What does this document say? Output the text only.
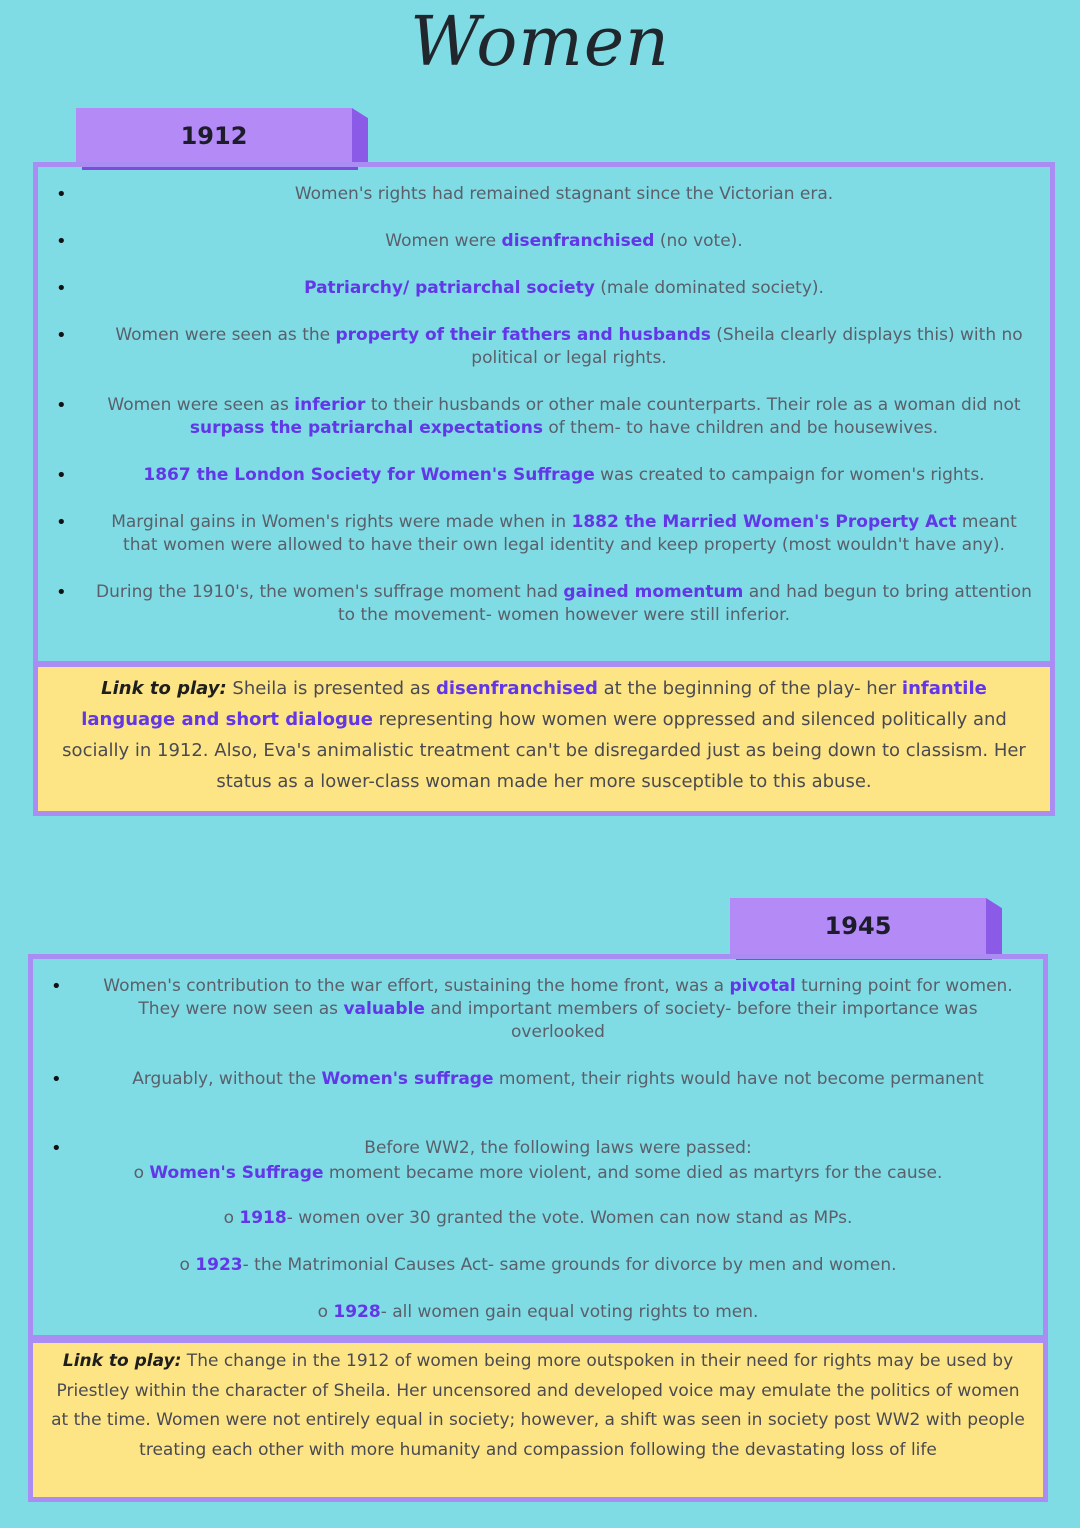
Women
1912
•	Women's rights had remained stagnant since the Victorian era.
•	Women were disenfranchised (no vote).
•	Patriarchy/ patriarchal society (male dominated society).
•	Women were seen as the property of their fathers and husbands (Sheila clearly displays this) with no political or legal rights.
• Women were seen as inferior to their husbands or other male counterparts. Their role as a woman did not surpass the patriarchal expectations of them- to have children and be housewives.
•	1867 the London Society for Women's Suffrage was created to campaign for women's rights.
•	Marginal gains in Women's rights were made when in 1882 the Married Women's Property Act meant that women were allowed to have their own legal identity and keep property (most wouldn't have any).
• During the 1910's, the women's suffrage moment had gained momentum and had begun to bring attention to the movement- women however were still inferior.
Link to play: Sheila is presented as disenfranchised at the beginning of the play- her infantile language and short dialogue representing how women were oppressed and silenced politically and socially in 1912. Also, Eva's animalistic treatment can't be disregarded just as being down to classism. Her status as a lower-class woman made her more susceptible to this abuse.
1945
• Women's contribution to the war effort, sustaining the home front, was a pivotal turning point for women. They were now seen as valuable and important members of society- before their importance was overlooked
•	Arguably, without the Women's suffrage moment, their rights would have not become permanent
•	Before WW2, the following laws were passed:
o Women's Suffrage moment became more violent, and some died as martyrs for the cause.
o 1918- women over 30 granted the vote. Women can now stand as MPs.
o 1923- the Matrimonial Causes Act- same grounds for divorce by men and women.
o 1928- all women gain equal voting rights to men.
Link to play: The change in the 1912 of women being more outspoken in their need for rights may be used by Priestley within the character of Sheila. Her uncensored and developed voice may emulate the politics of women at the time. Women were not entirely equal in society; however, a shift was seen in society post WW2 with people treating each other with more humanity and compassion following the devastating loss of life
